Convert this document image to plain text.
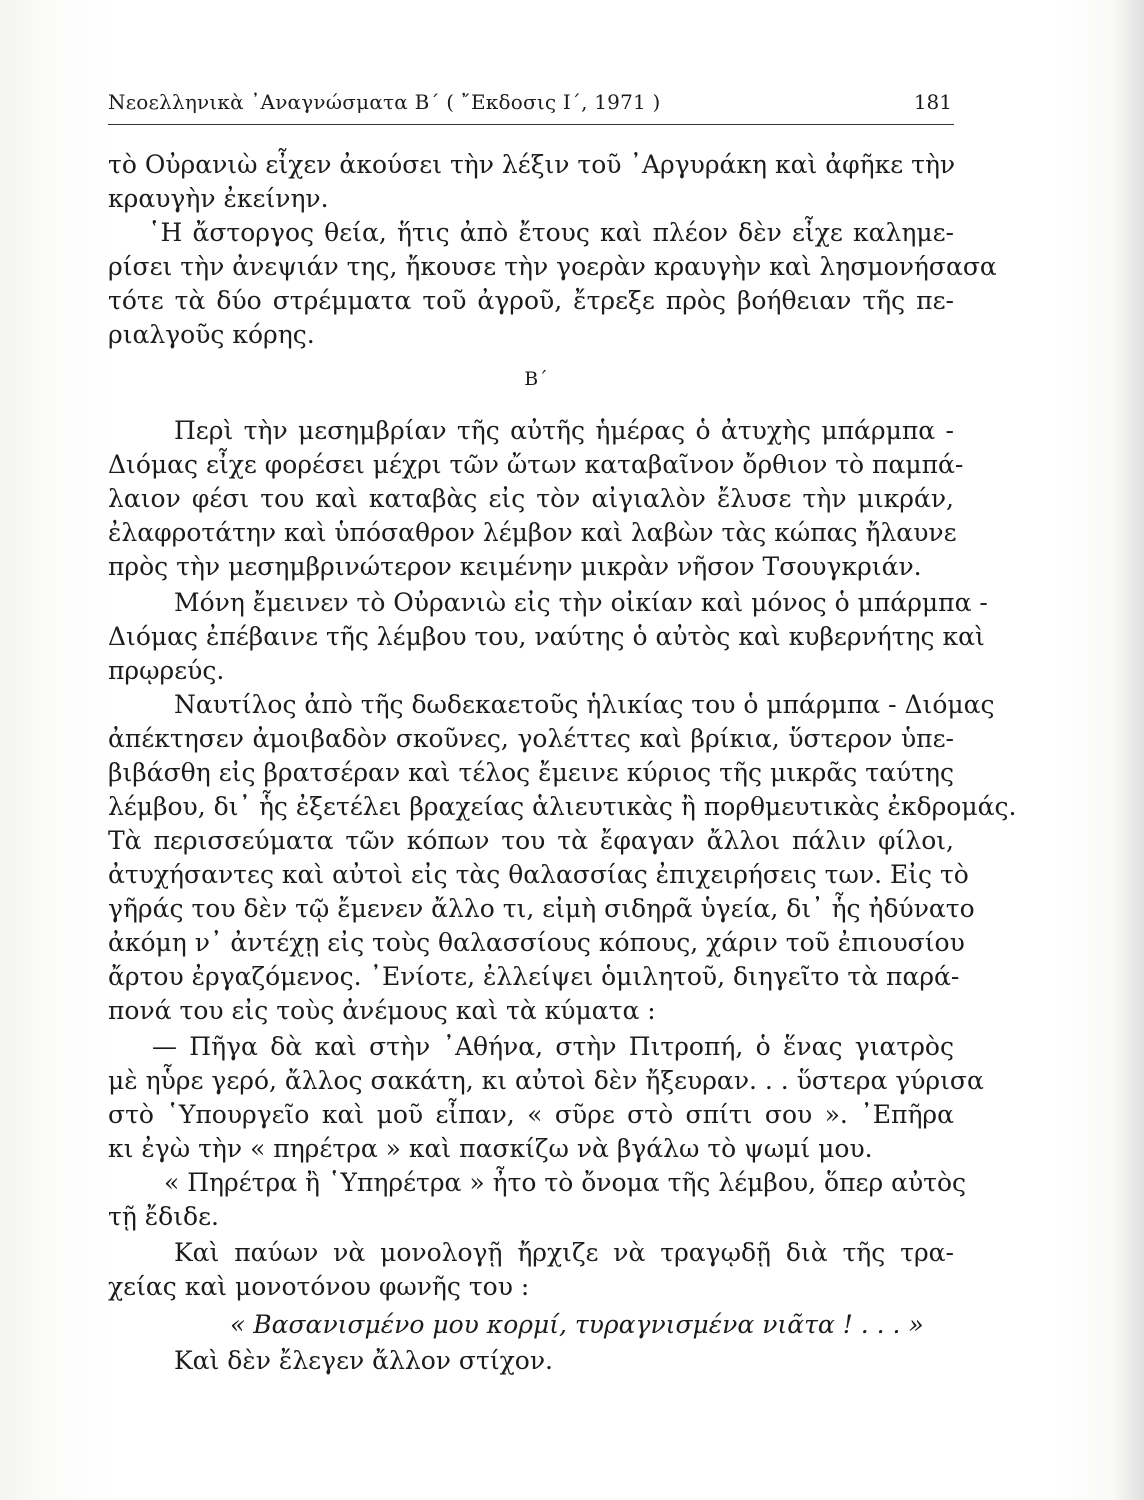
Νεοελληνικὰ ᾿Αναγνώσματα Β΄ ( ῎Εκδοσις Ι΄, 1971 )	181
τὸ Οὐρανιὼ εἶχεν ἀκούσει τὴν λέξιν τοῦ ᾿Αργυράκη καὶ ἀφῆκε τὴν
κραυγὴν ἐκείνην.
῾Η ἄστοργος θεία, ἥτις ἀπὸ ἔτους καὶ πλέον δὲν εἶχε καλημε-
ρίσει τὴν ἀνεψιάν της, ἤκουσε τὴν γοερὰν κραυγὴν καὶ λησμονήσασα
τότε τὰ δύο στρέμματα τοῦ ἀγροῦ, ἔτρεξε πρὸς βοήθειαν τῆς πε-
ριαλγοῦς κόρης.
Β΄
Περὶ τὴν μεσημβρίαν τῆς αὐτῆς ἡμέρας ὁ ἀτυχὴς μπάρμπα -
Διόμας εἶχε φορέσει μέχρι τῶν ὤτων καταβαῖνον ὄρθιον τὸ παμπά-
λαιον φέσι του καὶ καταβὰς εἰς τὸν αἰγιαλὸν ἔλυσε τὴν μικράν,
ἐλαφροτάτην καὶ ὑπόσαθρον λέμβον καὶ λαβὼν τὰς κώπας ἤλαυνε
πρὸς τὴν μεσημβρινώτερον κειμένην μικρὰν νῆσον Τσουγκριάν.
Μόνη ἔμεινεν τὸ Οὐρανιὼ εἰς τὴν οἰκίαν καὶ μόνος ὁ μπάρμπα -
Διόμας ἐπέβαινε τῆς λέμβου του, ναύτης ὁ αὐτὸς καὶ κυβερνήτης καὶ
πρῳρεύς.
Ναυτίλος ἀπὸ τῆς δωδεκαετοῦς ἡλικίας του ὁ μπάρμπα - Διόμας
ἀπέκτησεν ἀμοιβαδὸν σκοῦνες, γολέττες καὶ βρίκια, ὕστερον ὑπε-
βιβάσθη εἰς βρατσέραν καὶ τέλος ἔμεινε κύριος τῆς μικρᾶς ταύτης
λέμβου, δι᾿ ἧς ἐξετέλει βραχείας ἁλιευτικὰς ἢ πορθμευτικὰς ἐκδρομάς.
Τὰ περισσεύματα τῶν κόπων του τὰ ἔφαγαν ἄλλοι πάλιν φίλοι,
ἀτυχήσαντες καὶ αὐτοὶ εἰς τὰς θαλασσίας ἐπιχειρήσεις των. Εἰς τὸ
γῆράς του δὲν τῷ ἔμενεν ἄλλο τι, εἰμὴ σιδηρᾶ ὑγεία, δι᾿ ἧς ἠδύνατο
ἀκόμη ν᾿ ἀντέχῃ εἰς τοὺς θαλασσίους κόπους, χάριν τοῦ ἐπιουσίου
ἄρτου ἐργαζόμενος. ᾿Ενίοτε, ἐλλείψει ὁμιλητοῦ, διηγεῖτο τὰ παρά-
πονά του εἰς τοὺς ἀνέμους καὶ τὰ κύματα :
— Πῆγα δὰ καὶ στὴν ᾿Αθήνα, στὴν Πιτροπή, ὁ ἕνας γιατρὸς
μὲ ηὗρε γερό, ἄλλος σακάτη, κι αὐτοὶ δὲν ἤξευραν. . . ὕστερα γύρισα
στὸ ῾Υπουργεῖο καὶ μοῦ εἶπαν, « σῦρε στὸ σπίτι σου ». ᾿Επῆρα
κι ἐγὼ τὴν « πηρέτρα » καὶ πασκίζω νὰ βγάλω τὸ ψωμί μου.
« Πηρέτρα ἢ ῾Υπηρέτρα » ἦτο τὸ ὄνομα τῆς λέμβου, ὅπερ αὐτὸς
τῇ ἔδιδε.
Καὶ παύων νὰ μονολογῇ ἤρχιζε νὰ τραγῳδῇ διὰ τῆς τρα-
χείας καὶ μονοτόνου φωνῆς του :
« Βασανισμένο μου κορμί, τυραγνισμένα νιᾶτα ! . . . »
Καὶ δὲν ἔλεγεν ἄλλον στίχον.
